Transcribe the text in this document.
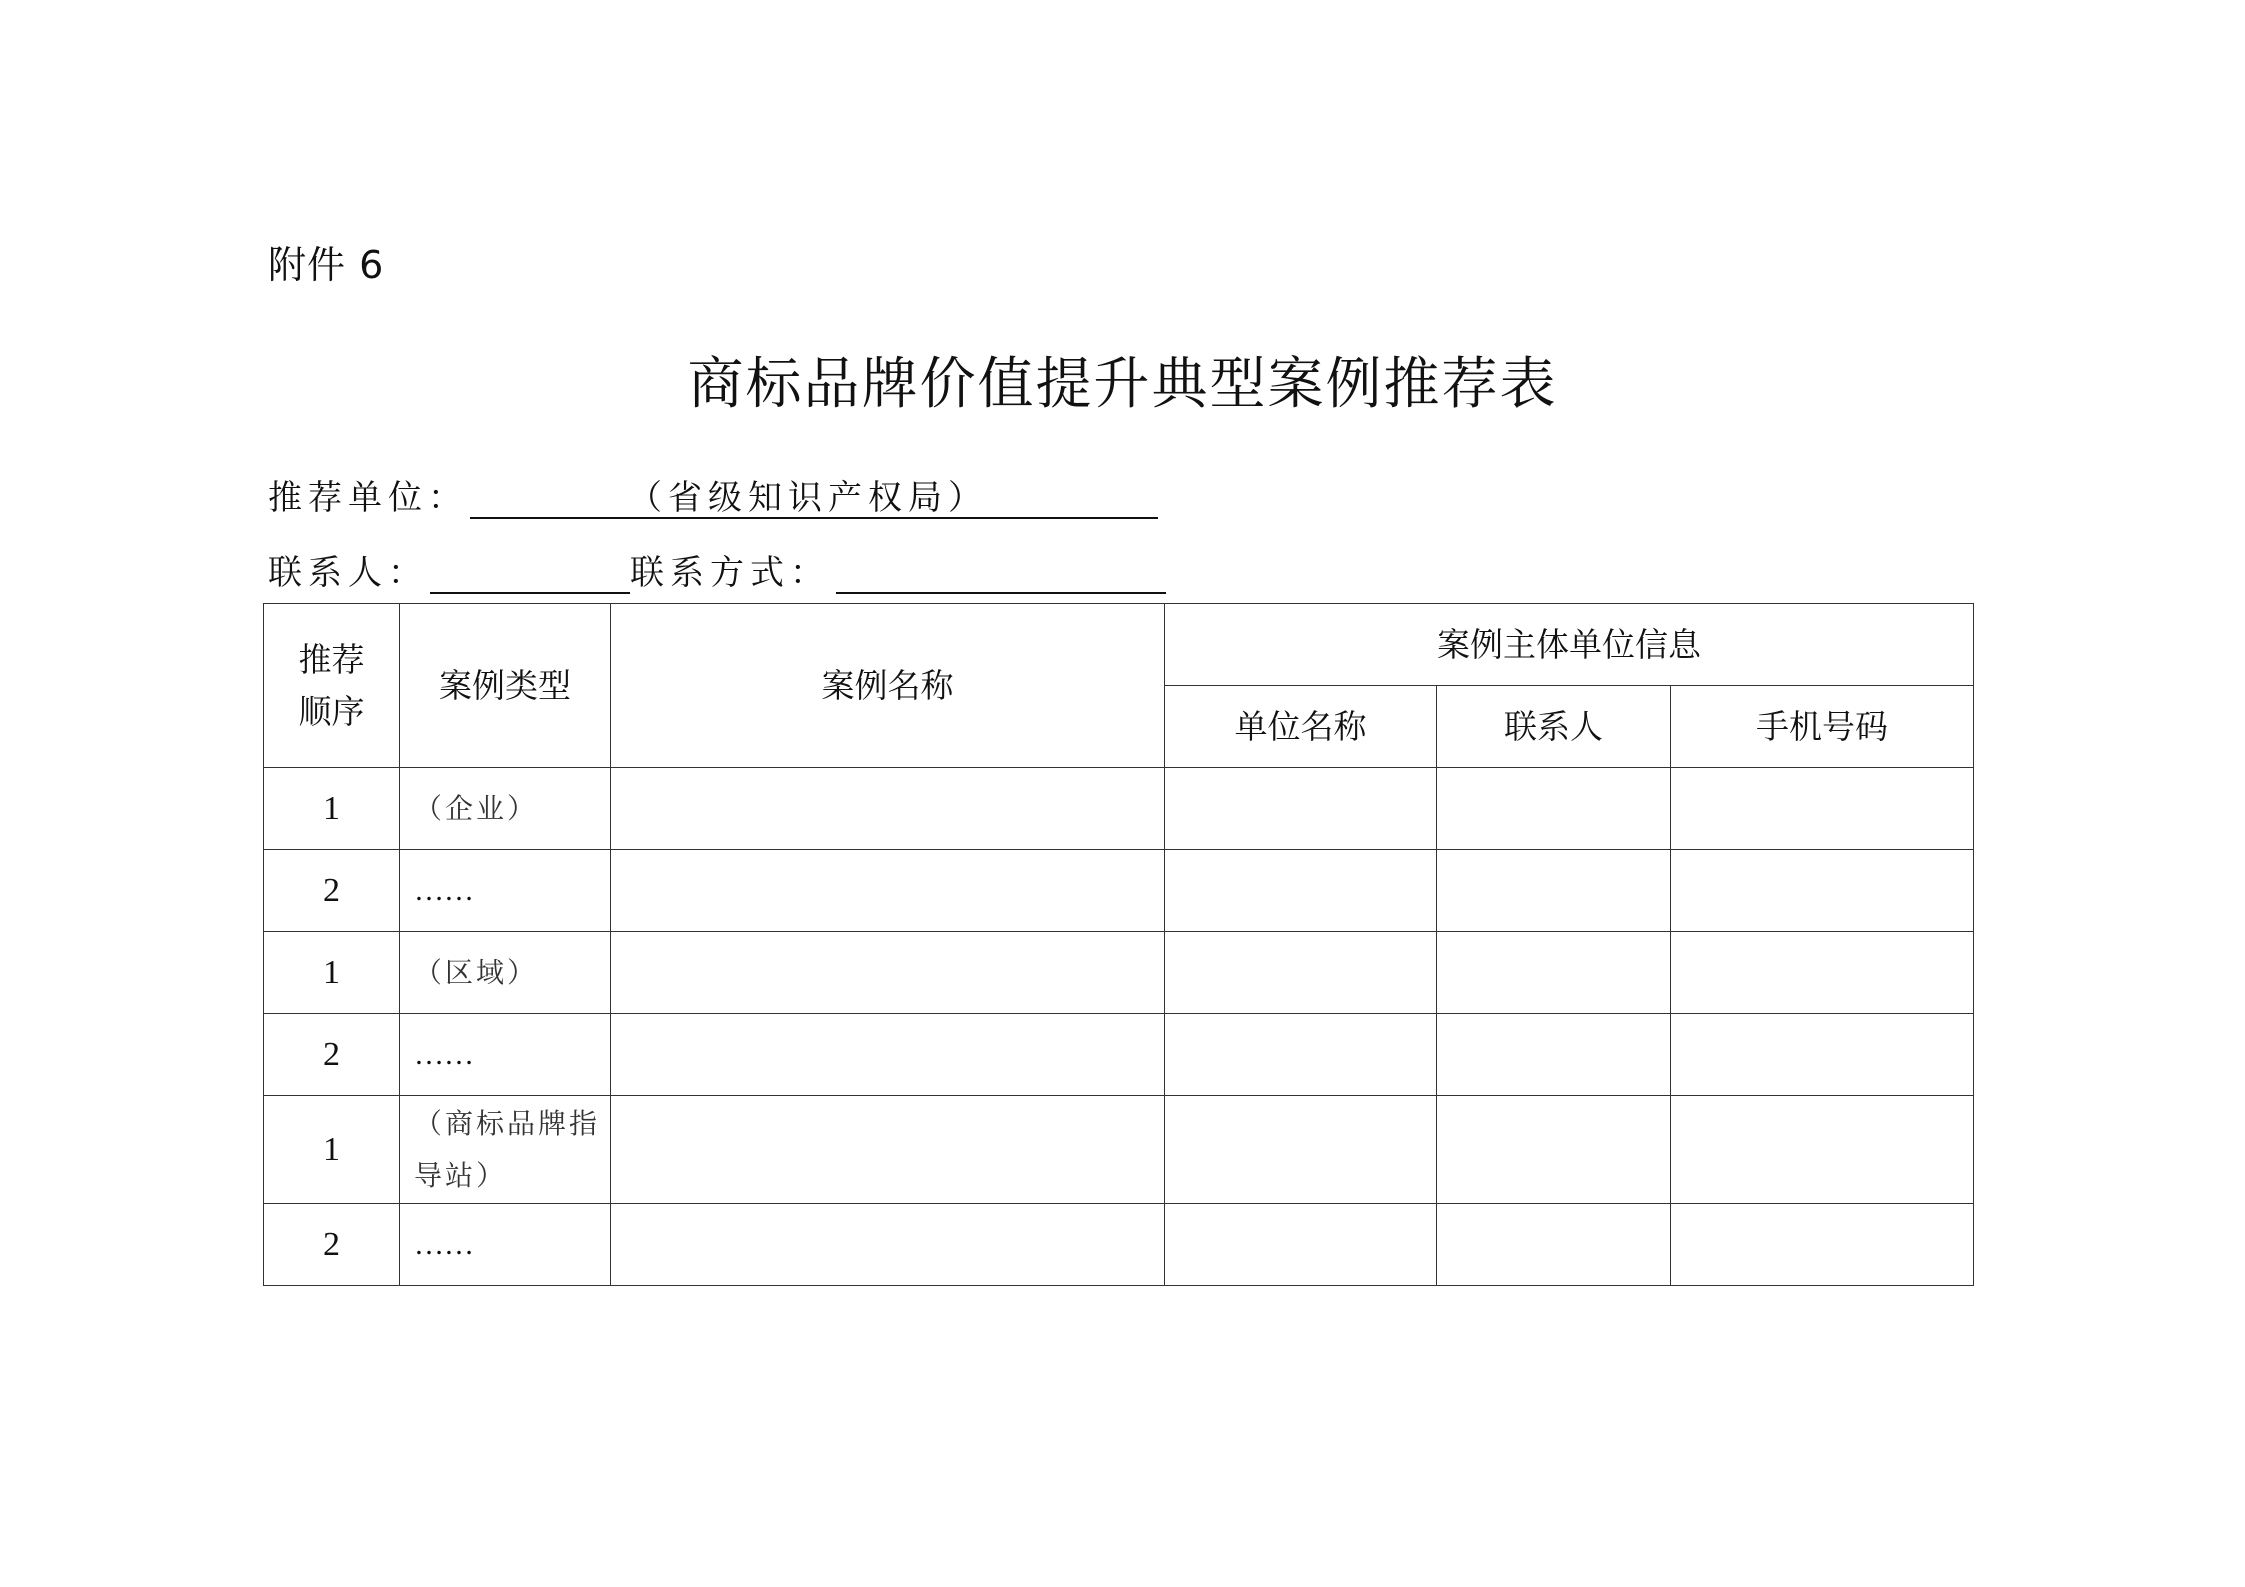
附件 6
商标品牌价值提升典型案例推荐表
推荐单位：	（省级知识产权局）
联系人：	联系方式：
推荐顺序	案例类型	案例名称	案例主体单位信息		
			单位名称	联系人	手机号码
1	（企业）				
2	……				
1	（区域）				
2	……				
1	（商标品牌指导站）				
2	……				
